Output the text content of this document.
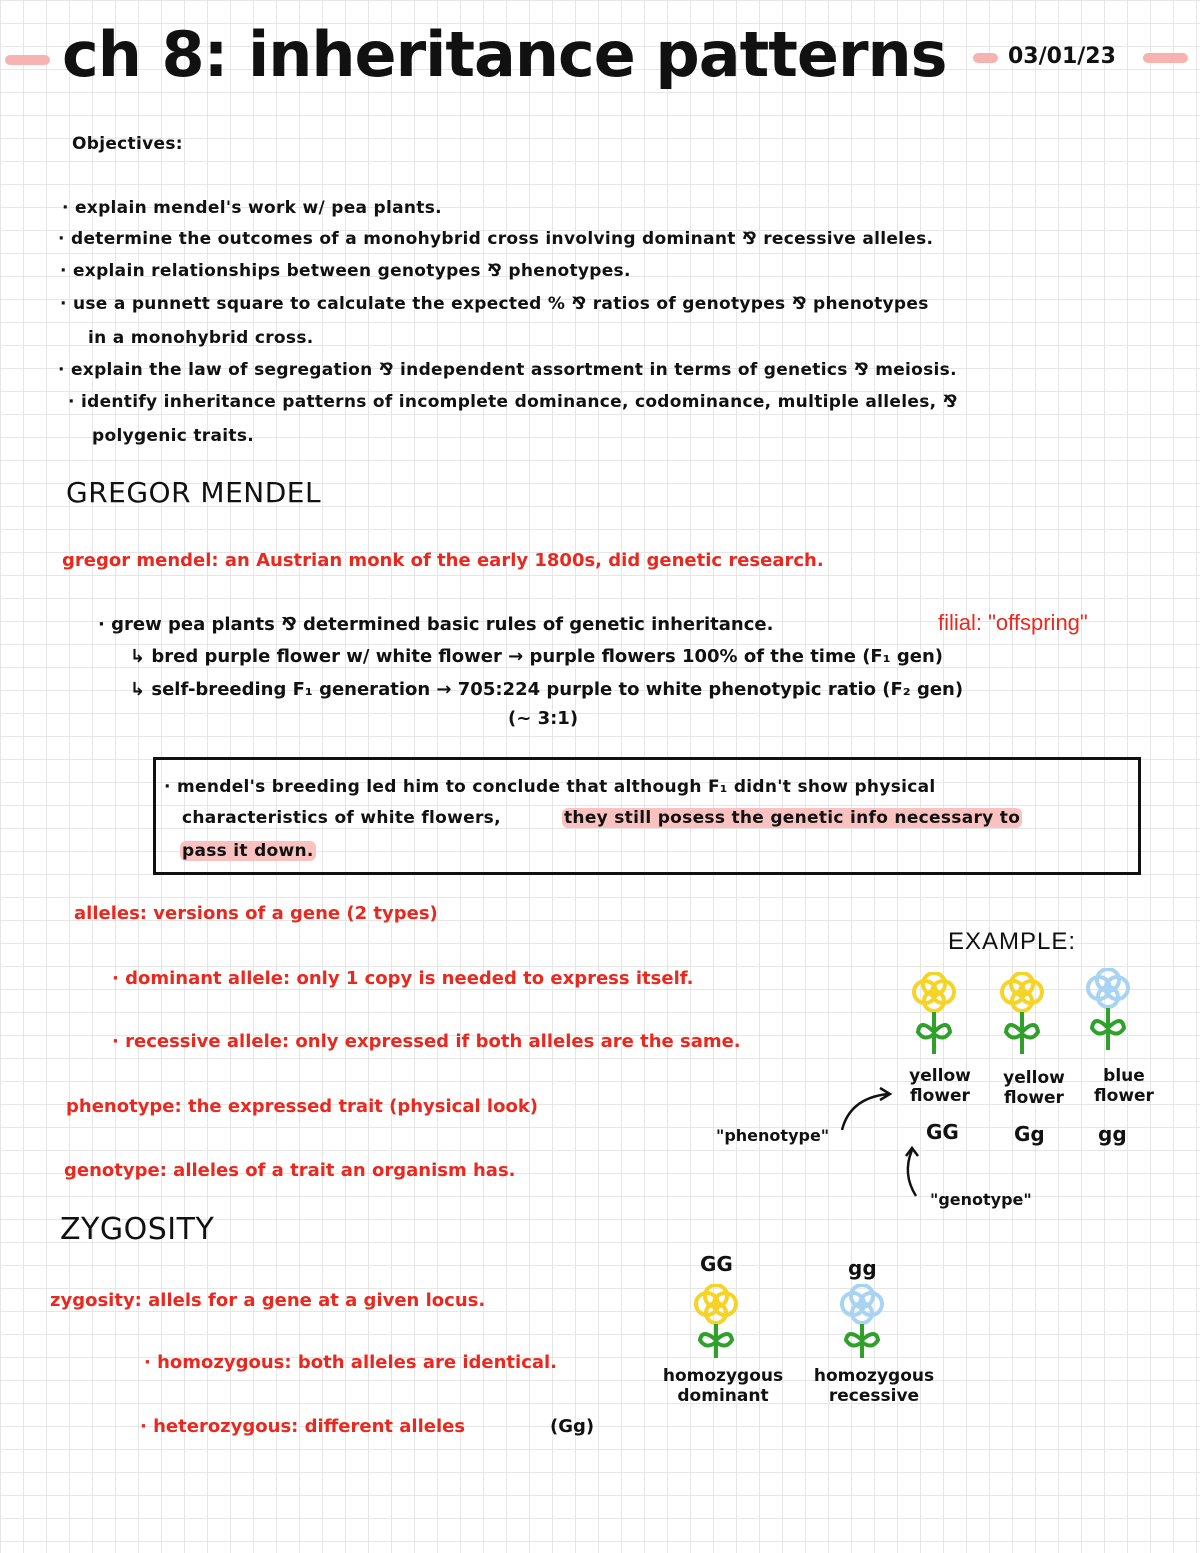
ch 8: inheritance patterns	03/01/23
Objectives:
· explain mendel's work w/ pea plants.
· determine the outcomes of a monohybrid cross involving dominant ⅋ recessive alleles.
· explain relationships between genotypes ⅋ phenotypes.
· use a punnett square to calculate the expected % ⅋ ratios of genotypes ⅋ phenotypes
in a monohybrid cross.
· explain the law of segregation ⅋ independent assortment in terms of genetics ⅋ meiosis.
· identify inheritance patterns of incomplete dominance, codominance, multiple alleles, ⅋
polygenic traits.
GREGOR MENDEL
gregor mendel: an Austrian monk of the early 1800s, did genetic research.
· grew pea plants ⅋ determined basic rules of genetic inheritance.	filial: "offspring"
↳ bred purple flower w/ white flower → purple flowers 100% of the time (F₁ gen)
↳ self-breeding F₁ generation → 705:224 purple to white phenotypic ratio (F₂ gen)
(~ 3:1)
· mendel's breeding led him to conclude that although F₁ didn't show physical
characteristics of white flowers,	they still posess the genetic info necessary to
pass it down.
alleles: versions of a gene (2 types)
· dominant allele: only 1 copy is needed to express itself.
· recessive allele: only expressed if both alleles are the same.
phenotype: the expressed trait (physical look)
genotype: alleles of a trait an organism has.
EXAMPLE:
yellow
flower
yellow
flower
blue
flower
GG	Gg	gg
"phenotype"
"genotype"
ZYGOSITY
zygosity: allels for a gene at a given locus.
· homozygous: both alleles are identical.
· heterozygous: different alleles	(Gg)
GG	gg
homozygous
dominant
homozygous
recessive
